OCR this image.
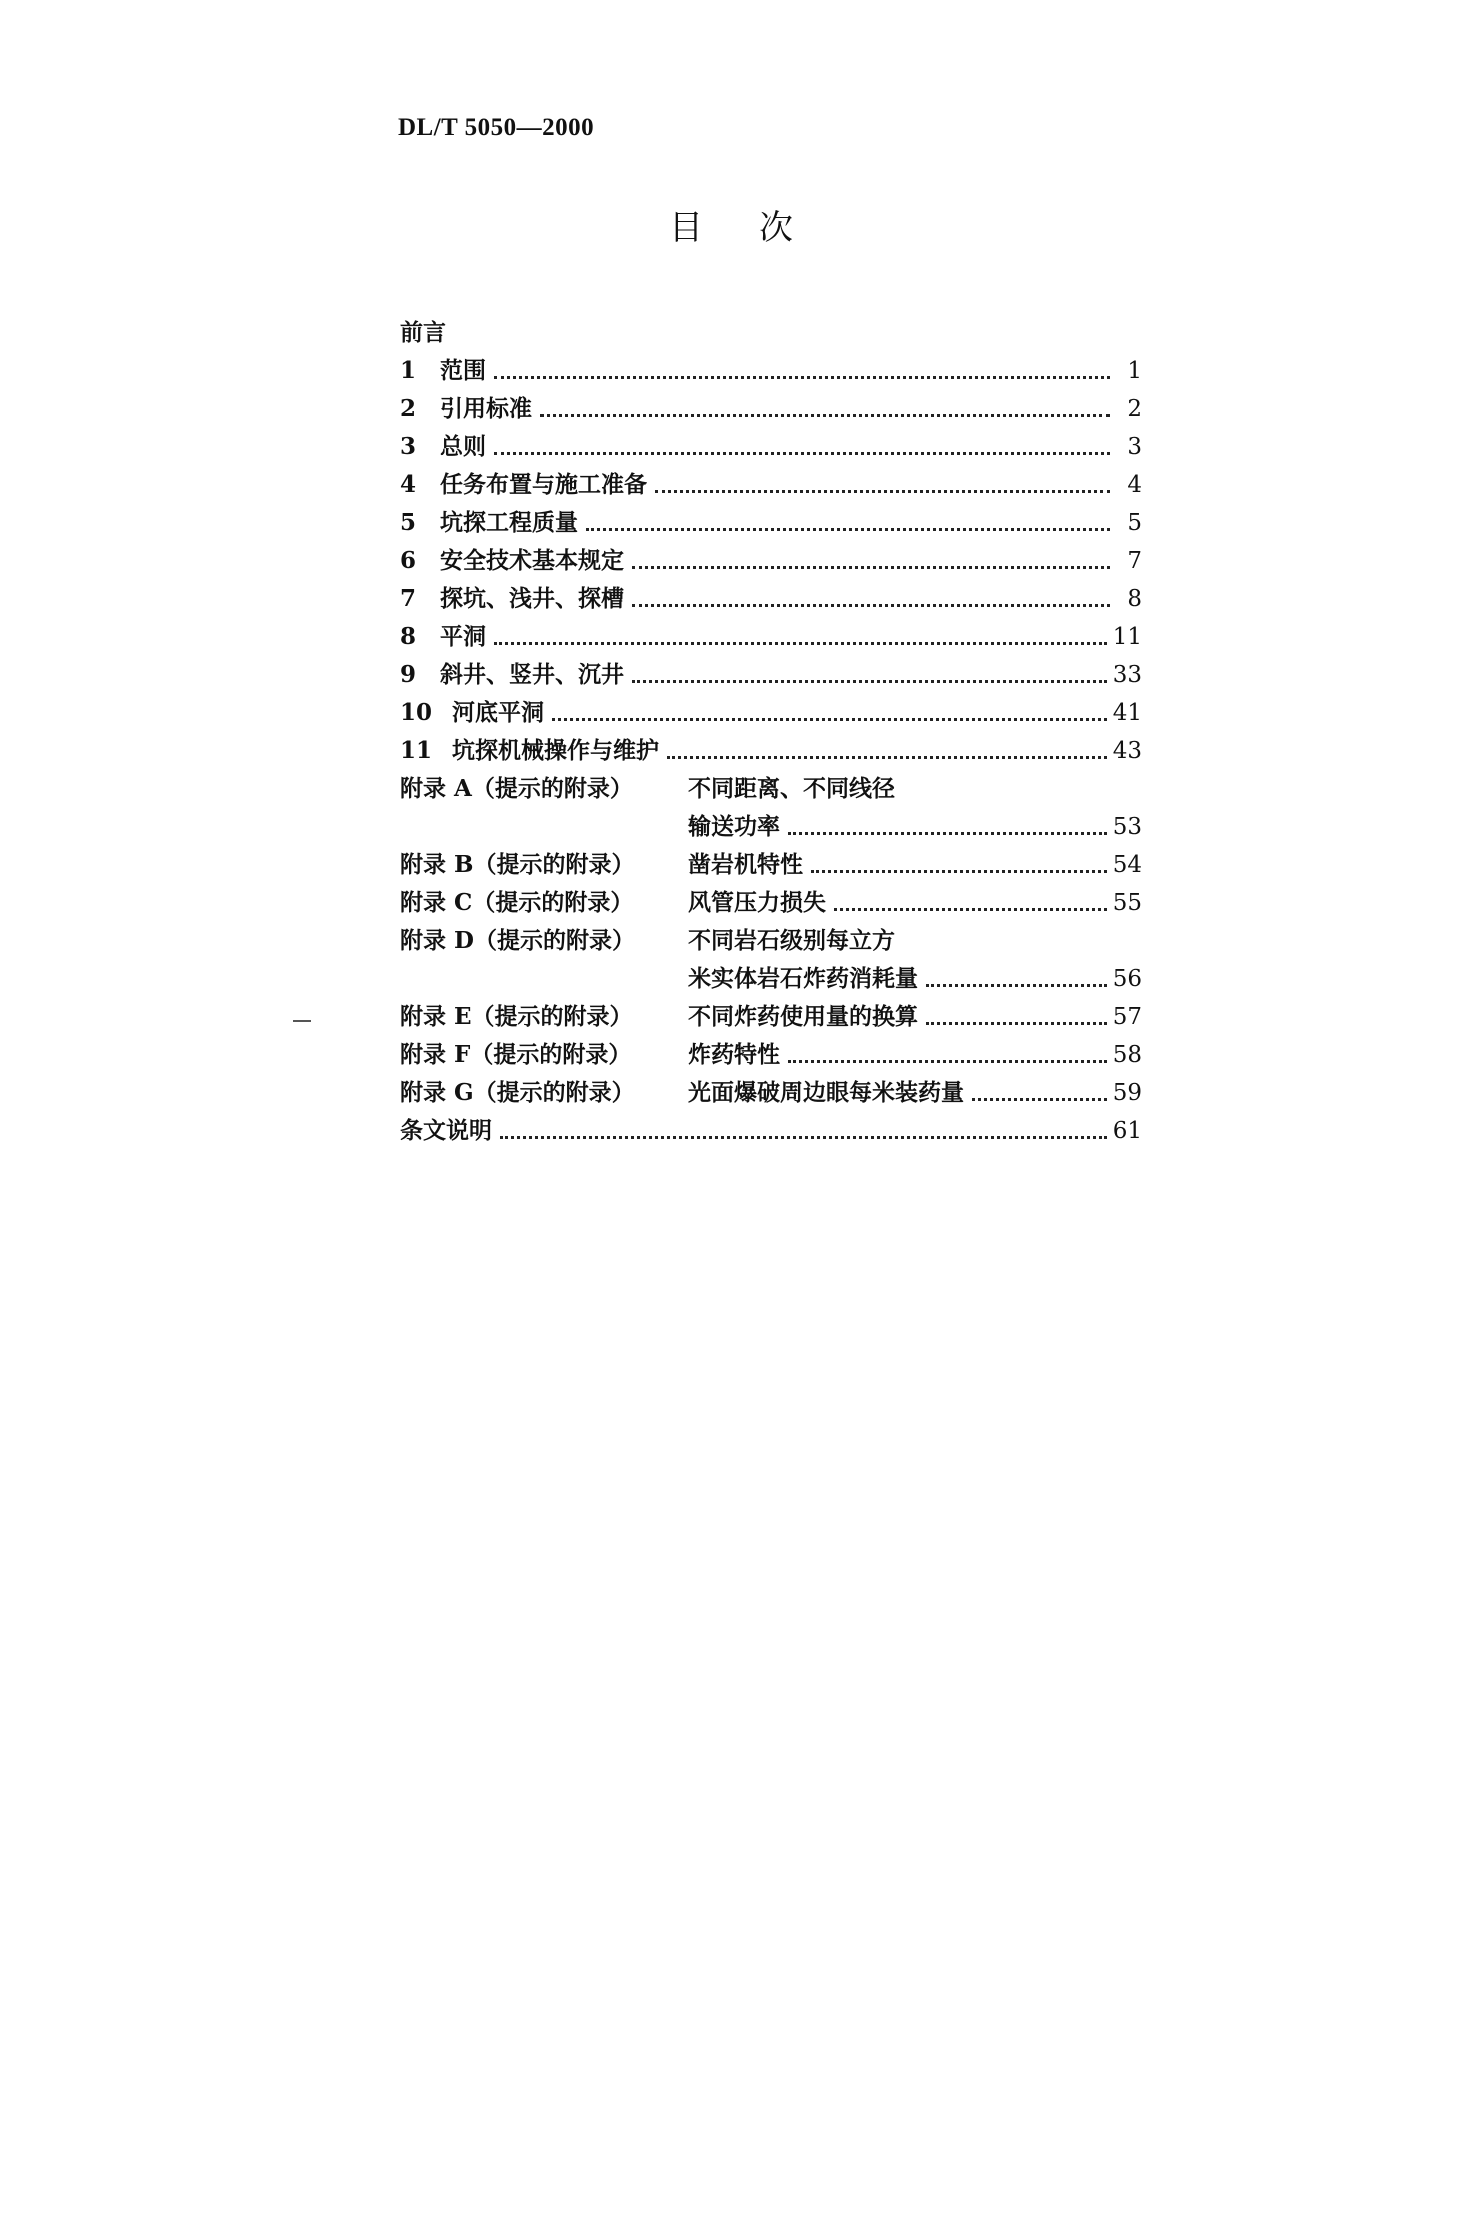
DL/T 5050—2000
目次
前言
1	范围	1
2	引用标准	2
3	总则	3
4	任务布置与施工准备	4
5	坑探工程质量	5
6	安全技术基本规定	7
7	探坑、浅井、探槽	8
8	平洞	11
9	斜井、竖井、沉井	33
10 河底平洞	41
11 坑探机械操作与维护	43
附录 A（提示的附录）	不同距离、不同线径
输送功率	53
附录 B（提示的附录）	凿岩机特性	54
附录 C（提示的附录）	风管压力损失	55
附录 D（提示的附录）	不同岩石级别每立方
米实体岩石炸药消耗量	56
附录 E（提示的附录）	不同炸药使用量的换算	57
附录 F（提示的附录）	炸药特性	58
附录 G（提示的附录）	光面爆破周边眼每米装药量	59
条文说明	61
